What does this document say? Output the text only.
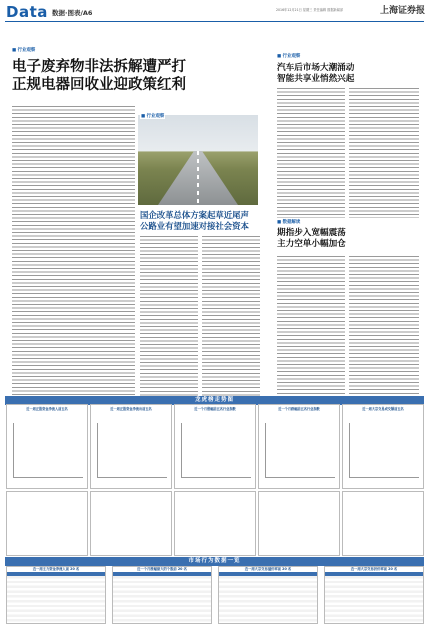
Data 数据·图表/A6	2016年12月21日 星期三 责任编辑 数据新闻部	上海证券报
■ 行业观察
电子废弃物非法拆解遭严打
正规电器回收业迎政策红利
■ 行业观察
国企改革总体方案起草近尾声
公路业有望加速对接社会资本
■ 行业观察
汽车后市场大潮涌动
智能共享业悄然兴起
■ 数据解读
期指步入宽幅震荡
主力空单小幅加仓
龙虎榜走势图
近一周正股资金净流入前五名	近一周正股资金净流出前五名	近一个月涨幅前五名行业指数	近一个月跌幅前五名行业指数	近一周大宗交易成交额前五名
市场行为数据一览
近一周主力资金净流入前 20 名	近一个月涨幅最大的个股前 20 名	近一周大宗交易溢价率前 20 名	近一周大宗交易折价率前 20 名
